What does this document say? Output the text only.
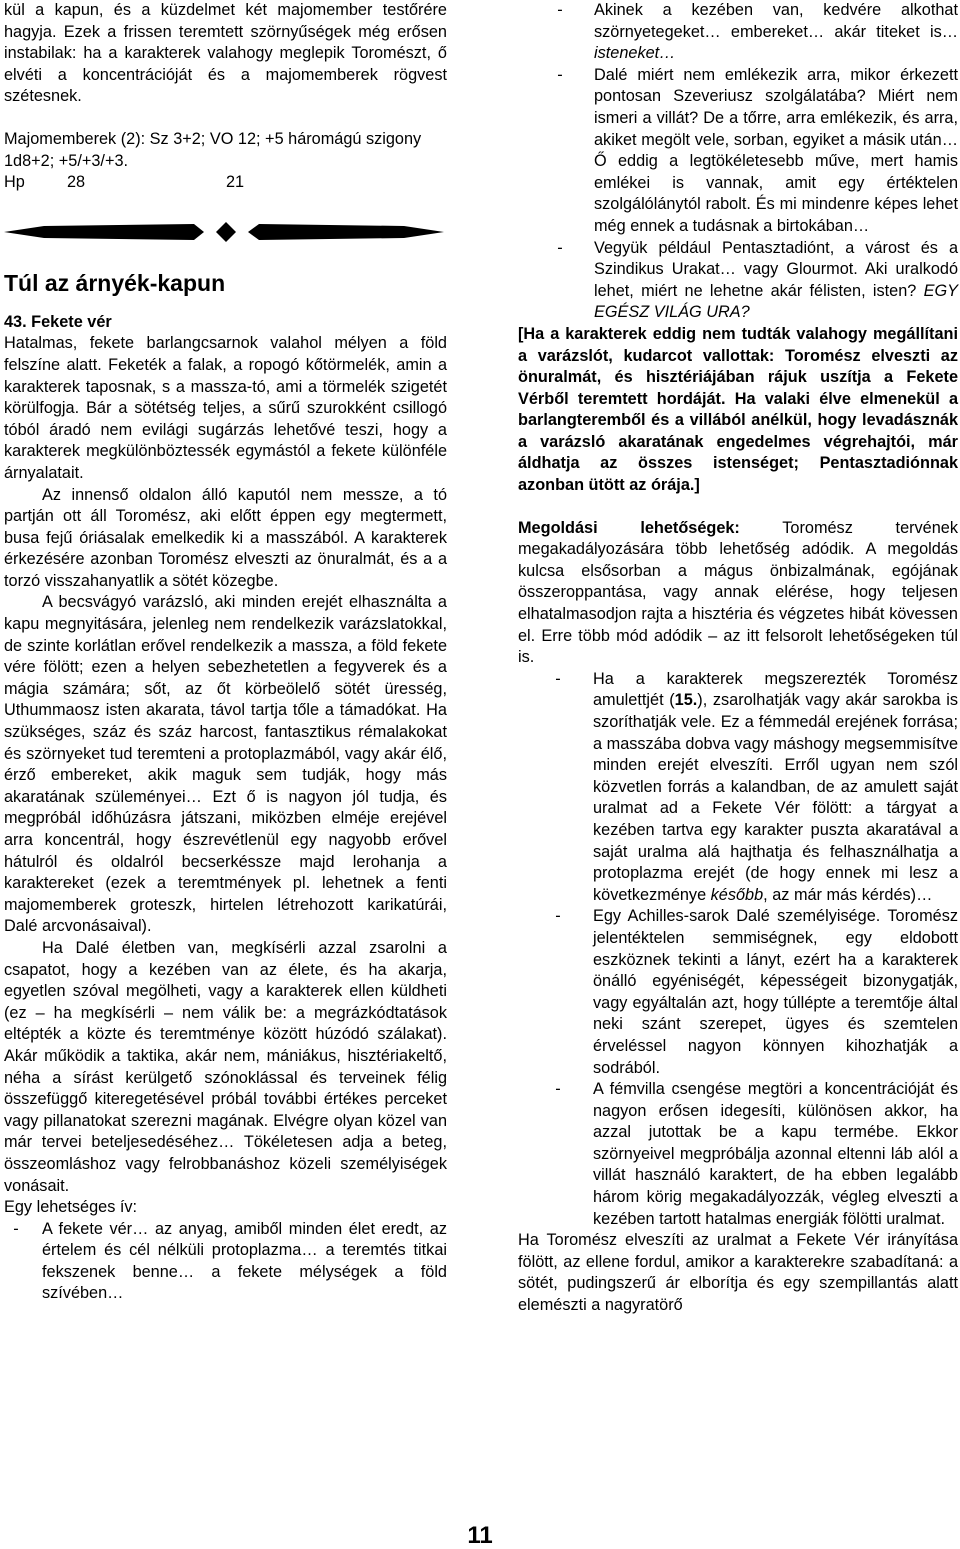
kül a kapun, és a küzdelmet két majomember testőrére hagyja. Ezek a frissen teremtett szörnyűségek még erősen instabilak: ha a karakterek valahogy meglepik Toromészt, ő elvéti a koncentrációját és a majomemberek rögvest szétesnek.

Majomemberek (2): Sz 3+2; VO 12; +5 háromágú szigony 1d8+2; +5/+3/+3.

Hp	28	21

Túl az árnyék-kapun

43. Fekete vér

Hatalmas, fekete barlangcsarnok valahol mélyen a föld felszíne alatt. Feketék a falak, a ropogó kőtörmelék, amin a karakterek taposnak, s a massza-tó, ami a törmelék szigetét körülfogja. Bár a sötétség teljes, a sűrű szurokként csillogó tóból áradó nem evilági sugárzás lehetővé teszi, hogy a karakterek megkülönböztessék egymástól a fekete különféle árnyalatait.

Az innenső oldalon álló kaputól nem messze, a tó partján ott áll Toromész, aki előtt éppen egy megtermett, busa fejű óriásalak emelkedik ki a masszából. A karakterek érkezésére azonban Toromész elveszti az önuralmát, és a a torzó visszahanyatlik a sötét közegbe.

A becsvágyó varázsló, aki minden erejét elhasználta a kapu megnyitására, jelenleg nem rendelkezik varázslatokkal, de szinte korlátlan erővel rendelkezik a massza, a föld fekete vére fölött; ezen a helyen sebezhetetlen a fegyverek és a mágia számára; sőt, az őt körbeölelő sötét üresség, Uthummaosz isten akarata, távol tartja tőle a támadókat. Ha szükséges, száz és száz harcost, fantasztikus rémalakokat és szörnyeket tud teremteni a protoplazmából, vagy akár élő, érző embereket, akik maguk sem tudják, hogy más akaratának szüleményei… Ezt ő is nagyon jól tudja, és megpróbál időhúzásra játszani, miközben elméje erejével arra koncentrál, hogy észrevétlenül egy nagyobb erővel hátulról és oldalról becserkéssze majd lerohanja a karaktereket (ezek a teremtmények pl. lehetnek a fenti majomemberek groteszk, hirtelen létrehozott karikatúrái, Dalé arcvonásaival).

Ha Dalé életben van, megkísérli azzal zsarolni a csapatot, hogy a kezében van az élete, és ha akarja, egyetlen szóval megölheti, vagy a karakterek ellen küldheti (ez – ha megkísérli – nem válik be: a megrázkódtatások eltépték a közte és teremtménye között húzódó szálakat). Akár működik a taktika, akár nem, mániákus, hisztériakeltő, néha a sírást kerülgető szónoklással és terveinek félig összefüggő kiteregetésével próbál további értékes perceket vagy pillanatokat szerezni magának. Elvégre olyan közel van már tervei beteljesedéséhez… Tökéletesen adja a beteg, összeomláshoz vagy felrobbanáshoz közeli személyiségek vonásait.

Egy lehetséges ív:

-	A fekete vér… az anyag, amiből minden élet eredt, az értelem és cél nélküli protoplazma… a teremtés titkai fekszenek benne… a fekete mélységek a föld szívében…
-	Akinek a kezében van, kedvére alkothat szörnyetegeket… embereket… akár titeket is… isteneket…
-	Dalé miért nem emlékezik arra, mikor érkezett pontosan Szeveriusz szolgálatába? Miért nem ismeri a villát? De a tőrre, arra emlékezik, és arra, akiket megölt vele, sorban, egyiket a másik után… Ő eddig a legtökéletesebb műve, mert hamis emlékei is vannak, amit egy értéktelen szolgálólánytól rabolt. És mi mindenre képes lehet még ennek a tudásnak a birtokában…
-	Vegyük például Pentasztadiónt, a várost és a Szindikus Urakat… vagy Glourmot. Aki uralkodó lehet, miért ne lehetne akár félisten, isten? EGY EGÉSZ VILÁG URA?

[Ha a karakterek eddig nem tudták valahogy megállítani a varázslót, kudarcot vallottak: Toromész elveszti az önuralmát, és hisztériájában rájuk uszítja a Fekete Vérből teremtett hordáját. Ha valaki élve elmenekül a barlangteremből és a villából anélkül, hogy levadásznák a varázsló akaratának engedelmes végrehajtói, már áldhatja az összes istenséget; Pentasztadiónnak azonban ütött az órája.]

Megoldási lehetőségek: Toromész tervének megakadályozására több lehetőség adódik. A megoldás kulcsa elsősorban a mágus önbizalmának, egójának összeroppantása, vagy annak elérése, hogy teljesen elhatalmasodjon rajta a hisztéria és végzetes hibát kövessen el. Erre több mód adódik – az itt felsorolt lehetőségeken túl is.

-	Ha a karakterek megszerezték Toromész amulettjét (15.), zsarolhatják vagy akár sarokba is szoríthatják vele. Ez a fémmedál erejének forrása; a masszába dobva vagy máshogy megsemmisítve minden erejét elveszíti. Erről ugyan nem szól közvetlen forrás a kalandban, de az amulett saját uralmat ad a Fekete Vér fölött: a tárgyat a kezében tartva egy karakter puszta akaratával a saját uralma alá hajthatja és felhasználhatja a protoplazma erejét (de hogy ennek mi lesz a következménye később, az már más kérdés)…
-	Egy Achilles-sarok Dalé személyisége. Toromész jelentéktelen semmiségnek, egy eldobott eszköznek tekinti a lányt, ezért ha a karakterek önálló egyéniségét, képességeit bizonygatják, vagy egyáltalán azt, hogy túllépte a teremtője által neki szánt szerepet, ügyes és szemtelen érveléssel nagyon könnyen kihozhatják a sodrából.
-	A fémvilla csengése megtöri a koncentrációját és nagyon erősen idegesíti, különösen akkor, ha azzal jutottak be a kapu termébe. Ekkor szörnyeivel megpróbálja azonnal eltenni láb alól a villát használó karaktert, de ha ebben legalább három körig megakadályozzák, végleg elveszti a kezében tartott hatalmas energiák fölötti uralmat.

Ha Toromész elveszíti az uralmat a Fekete Vér irányítása fölött, az ellene fordul, amikor a karakterekre szabadítaná: a sötét, pudingszerű ár elborítja és egy szempillantás alatt elemészti a nagyratörő

11
